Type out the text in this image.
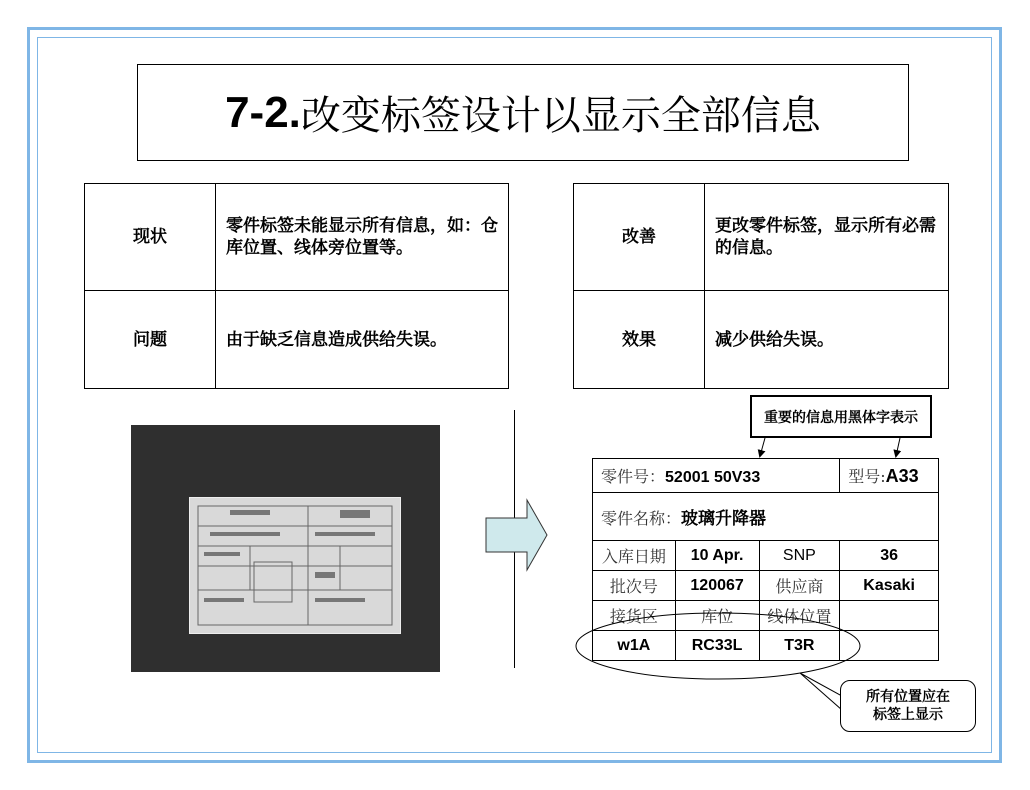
7-2. 改变标签设计以显示全部信息
现状	零件标签未能显示所有信息，如：仓库位置、线体旁位置等。
问题	由于缺乏信息造成供给失误。
改善	更改零件标签，显示所有必需的信息。
效果	减少供给失误。
重要的信息用黑体字表示
零件号：52001 50V33			型号:A33
零件名称：玻璃升降器			
入库日期	10 Apr.	SNP	36
批次号	120067	供应商	Kasaki
接货区	库位	线体位置	
w1A	RC33L	T3R	
所有位置应在
标签上显示
